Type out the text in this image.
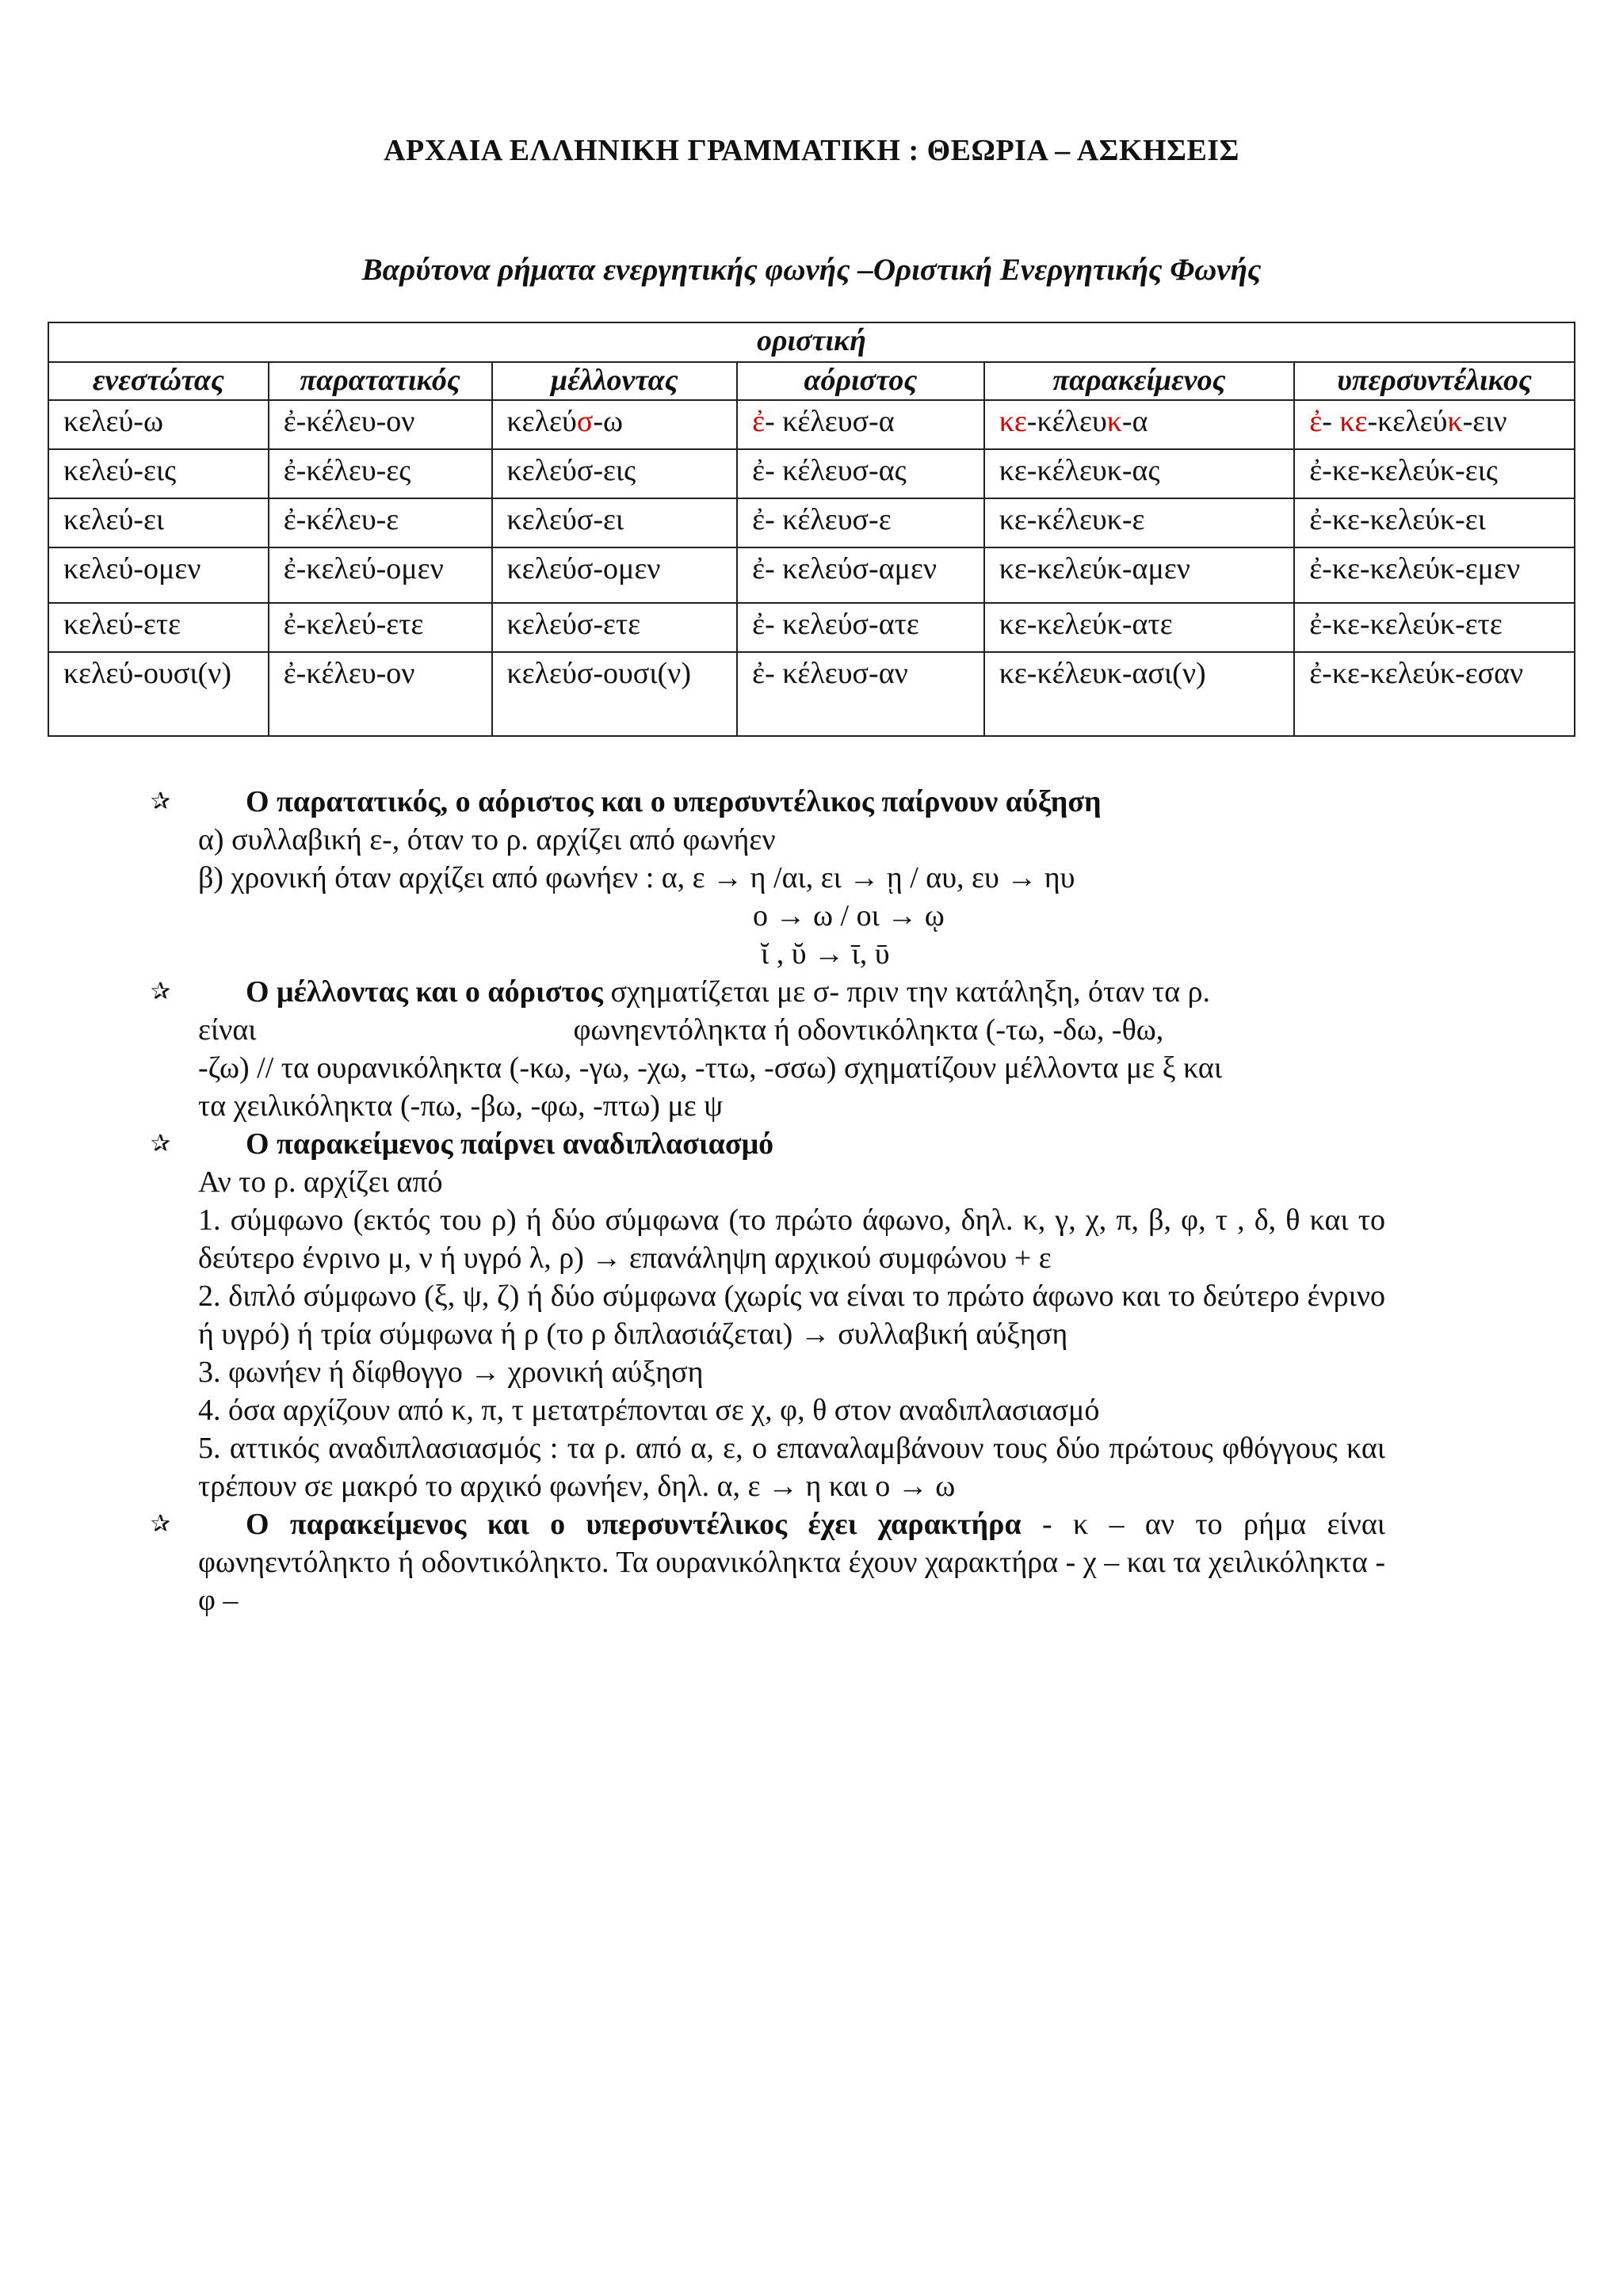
ΑΡΧΑΙΑ ΕΛΛΗΝΙΚΗ ΓΡΑΜΜΑΤΙΚΗ : ΘΕΩΡΙΑ – ΑΣΚΗΣΕΙΣ
Βαρύτονα ρήματα ενεργητικής φωνής –Οριστική Ενεργητικής Φωνής
οριστική					
ενεστώτας	παρατατικός	μέλλοντας	αόριστος	παρακείμενος	υπερσυντέλικος
κελεύ-ω	ἐ-κέλευ-ον	κελεύσ-ω	ἐ- κέλευσ-α	κε-κέλευκ-α	ἐ- κε-κελεύκ-ειν
κελεύ-εις	ἐ-κέλευ-ες	κελεύσ-εις	ἐ- κέλευσ-ας	κε-κέλευκ-ας	ἐ-κε-κελεύκ-εις
κελεύ-ει	ἐ-κέλευ-ε	κελεύσ-ει	ἐ- κέλευσ-ε	κε-κέλευκ-ε	ἐ-κε-κελεύκ-ει
κελεύ-ομεν	ἐ-κελεύ-ομεν	κελεύσ-ομεν	ἐ- κελεύσ-αμεν	κε-κελεύκ-αμεν	ἐ-κε-κελεύκ-εμεν
κελεύ-ετε	ἐ-κελεύ-ετε	κελεύσ-ετε	ἐ- κελεύσ-ατε	κε-κελεύκ-ατε	ἐ-κε-κελεύκ-ετε
κελεύ-ουσι(ν)	ἐ-κέλευ-ον	κελεύσ-ουσι(ν)	ἐ- κέλευσ-αν	κε-κέλευκ-ασι(ν)	ἐ-κε-κελεύκ-εσαν
✰	Ο παρατατικός, ο αόριστος και ο υπερσυντέλικος παίρνουν αύξηση
α) συλλαβική ε-, όταν το ρ. αρχίζει από φωνήεν
β) χρονική όταν αρχίζει από φωνήεν : α, ε → η /αι, ει → ῃ / αυ, ευ → ηυ
ο → ω / οι → ῳ
ῐ , ῠ → ῑ, ῡ
✰	Ο μέλλοντας και ο αόριστος σχηματίζεται με σ- πριν την κατάληξη, όταν τα ρ.
είναι	φωνηεντόληκτα ή οδοντικόληκτα (-τω, -δω, -θω,
-ζω) // τα ουρανικόληκτα (-κω, -γω, -χω, -ττω, -σσω) σχηματίζουν μέλλοντα με ξ και
τα χειλικόληκτα (-πω, -βω, -φω, -πτω) με ψ
✰	Ο παρακείμενος παίρνει αναδιπλασιασμό
Αν το ρ. αρχίζει από
1. σύμφωνο (εκτός του ρ) ή δύο σύμφωνα (το πρώτο άφωνο, δηλ. κ, γ, χ, π, β, φ, τ , δ, θ και το δεύτερο ένρινο μ, ν ή υγρό λ, ρ) → επανάληψη αρχικού συμφώνου + ε
2. διπλό σύμφωνο (ξ, ψ, ζ) ή δύο σύμφωνα (χωρίς να είναι το πρώτο άφωνο και το δεύτερο ένρινο ή υγρό) ή τρία σύμφωνα ή ρ (το ρ διπλασιάζεται) → συλλαβική αύξηση
3. φωνήεν ή δίφθογγο → χρονική αύξηση
4. όσα αρχίζουν από κ, π, τ μετατρέπονται σε χ, φ, θ στον αναδιπλασιασμό
5. αττικός αναδιπλασιασμός : τα ρ. από α, ε, ο επαναλαμβάνουν τους δύο πρώτους φθόγγους και τρέπουν σε μακρό το αρχικό φωνήεν, δηλ. α, ε → η και ο → ω
✰	Ο παρακείμενος και ο υπερσυντέλικος έχει χαρακτήρα - κ – αν το ρήμα είναι φωνηεντόληκτο ή οδοντικόληκτο. Τα ουρανικόληκτα έχουν χαρακτήρα - χ – και τα χειλικόληκτα - φ –
